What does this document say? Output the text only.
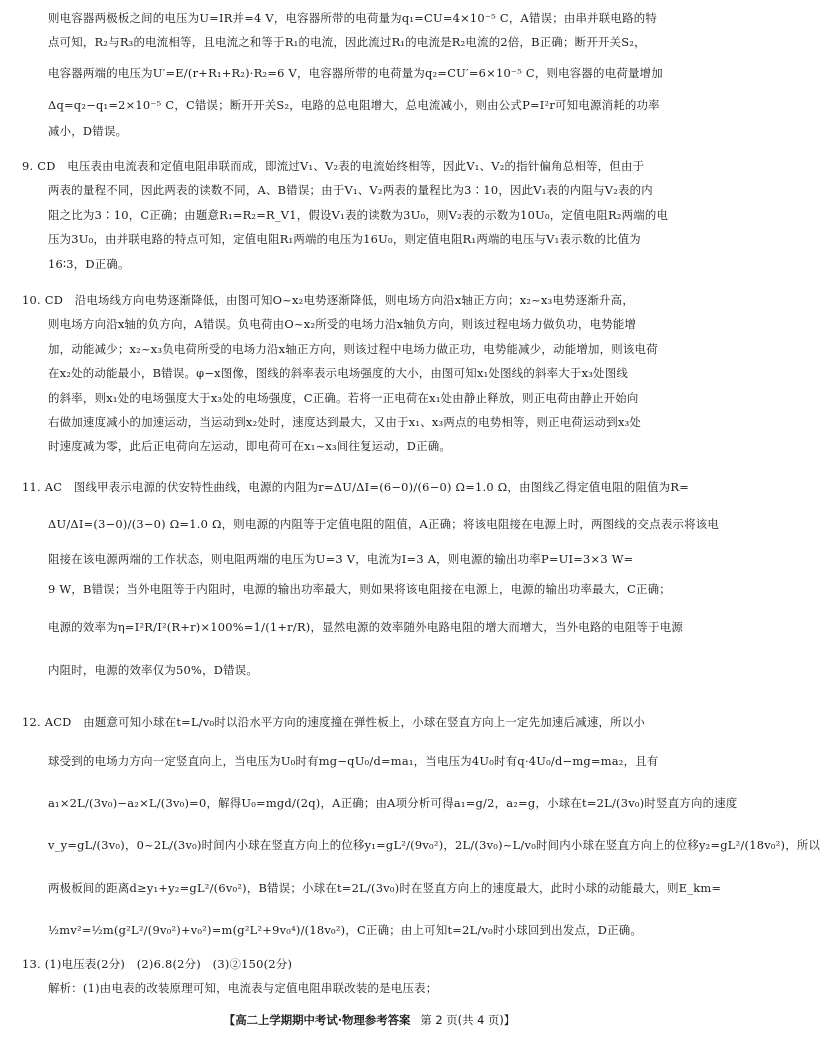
则电容器两极板之间的电压为U=IR并=4 V，电容器所带的电荷量为q₁=CU=4×10⁻⁵ C，A错误；由串并联电路的特
点可知，R₂与R₃的电流相等，且电流之和等于R₁的电流，因此流过R₁的电流是R₂电流的2倍，B正确；断开开关S₂，
电容器两端的电压为U′=E/(r+R₁+R₂)·R₂=6 V，电容器所带的电荷量为q₂=CU′=6×10⁻⁵ C，则电容器的电荷量增加
Δq=q₂−q₁=2×10⁻⁵ C，C错误；断开开关S₂，电路的总电阻增大，总电流减小，则由公式P=I²r可知电源消耗的功率
减小，D错误。
9. CD　电压表由电流表和定值电阻串联而成，即流过V₁、V₂表的电流始终相等，因此V₁、V₂的指针偏角总相等，但由于
两表的量程不同，因此两表的读数不同，A、B错误；由于V₁、V₂两表的量程比为3∶10，因此V₁表的内阻与V₂表的内
阻之比为3∶10，C正确；由题意R₁=R₂=R_V1，假设V₁表的读数为3U₀，则V₂表的示数为10U₀，定值电阻R₂两端的电
压为3U₀，由并联电路的特点可知，定值电阻R₁两端的电压为16U₀，则定值电阻R₁两端的电压与V₁表示数的比值为
16∶3，D正确。
10. CD　沿电场线方向电势逐渐降低，由图可知O~x₂电势逐渐降低，则电场方向沿x轴正方向；x₂~x₃电势逐渐升高，
则电场方向沿x轴的负方向，A错误。负电荷由O~x₂所受的电场力沿x轴负方向，则该过程电场力做负功，电势能增
加，动能减少；x₂~x₃负电荷所受的电场力沿x轴正方向，则该过程中电场力做正功，电势能减少，动能增加，则该电荷
在x₂处的动能最小，B错误。φ−x图像，图线的斜率表示电场强度的大小，由图可知x₁处图线的斜率大于x₃处图线
的斜率，则x₁处的电场强度大于x₃处的电场强度，C正确。若将一正电荷在x₁处由静止释放，则正电荷由静止开始向
右做加速度减小的加速运动，当运动到x₂处时，速度达到最大，又由于x₁、x₃两点的电势相等，则正电荷运动到x₃处
时速度减为零，此后正电荷向左运动，即电荷可在x₁~x₃间往复运动，D正确。
11. AC　图线甲表示电源的伏安特性曲线，电源的内阻为r=ΔU/ΔI=(6−0)/(6−0) Ω=1.0 Ω，由图线乙得定值电阻的阻值为R=
ΔU/ΔI=(3−0)/(3−0) Ω=1.0 Ω，则电源的内阻等于定值电阻的阻值，A正确；将该电阻接在电源上时，两图线的交点表示将该电
阻接在该电源两端的工作状态，则电阻两端的电压为U=3 V，电流为I=3 A，则电源的输出功率P=UI=3×3 W=
9 W，B错误；当外电阻等于内阻时，电源的输出功率最大，则如果将该电阻接在电源上，电源的输出功率最大，C正确；
电源的效率为η=I²R/I²(R+r)×100%=1/(1+r/R)，显然电源的效率随外电路电阻的增大而增大，当外电路的电阻等于电源
内阻时，电源的效率仅为50%，D错误。
12. ACD　由题意可知小球在t=L/v₀时以沿水平方向的速度撞在弹性板上，小球在竖直方向上一定先加速后减速，所以小
球受到的电场力方向一定竖直向上，当电压为U₀时有mg−qU₀/d=ma₁，当电压为4U₀时有q·4U₀/d−mg=ma₂，且有
a₁×2L/(3v₀)−a₂×L/(3v₀)=0，解得U₀=mgd/(2q)，A正确；由A项分析可得a₁=g/2，a₂=g，小球在t=2L/(3v₀)时竖直方向的速度
v_y=gL/(3v₀)，0~2L/(3v₀)时间内小球在竖直方向上的位移y₁=gL²/(9v₀²)，2L/(3v₀)~L/v₀时间内小球在竖直方向上的位移y₂=gL²/(18v₀²)，所以
两极板间的距离d≥y₁+y₂=gL²/(6v₀²)，B错误；小球在t=2L/(3v₀)时在竖直方向上的速度最大，此时小球的动能最大，则E_km=
½mv²=½m(g²L²/(9v₀²)+v₀²)=m(g²L²+9v₀⁴)/(18v₀²)，C正确；由上可知t=2L/v₀时小球回到出发点，D正确。
13. (1)电压表(2分)　(2)6.8(2分)　(3)②150(2分)
解析：(1)由电表的改装原理可知，电流表与定值电阻串联改装的是电压表；
【高二上学期期中考试·物理参考答案 第 2 页(共 4 页)】
